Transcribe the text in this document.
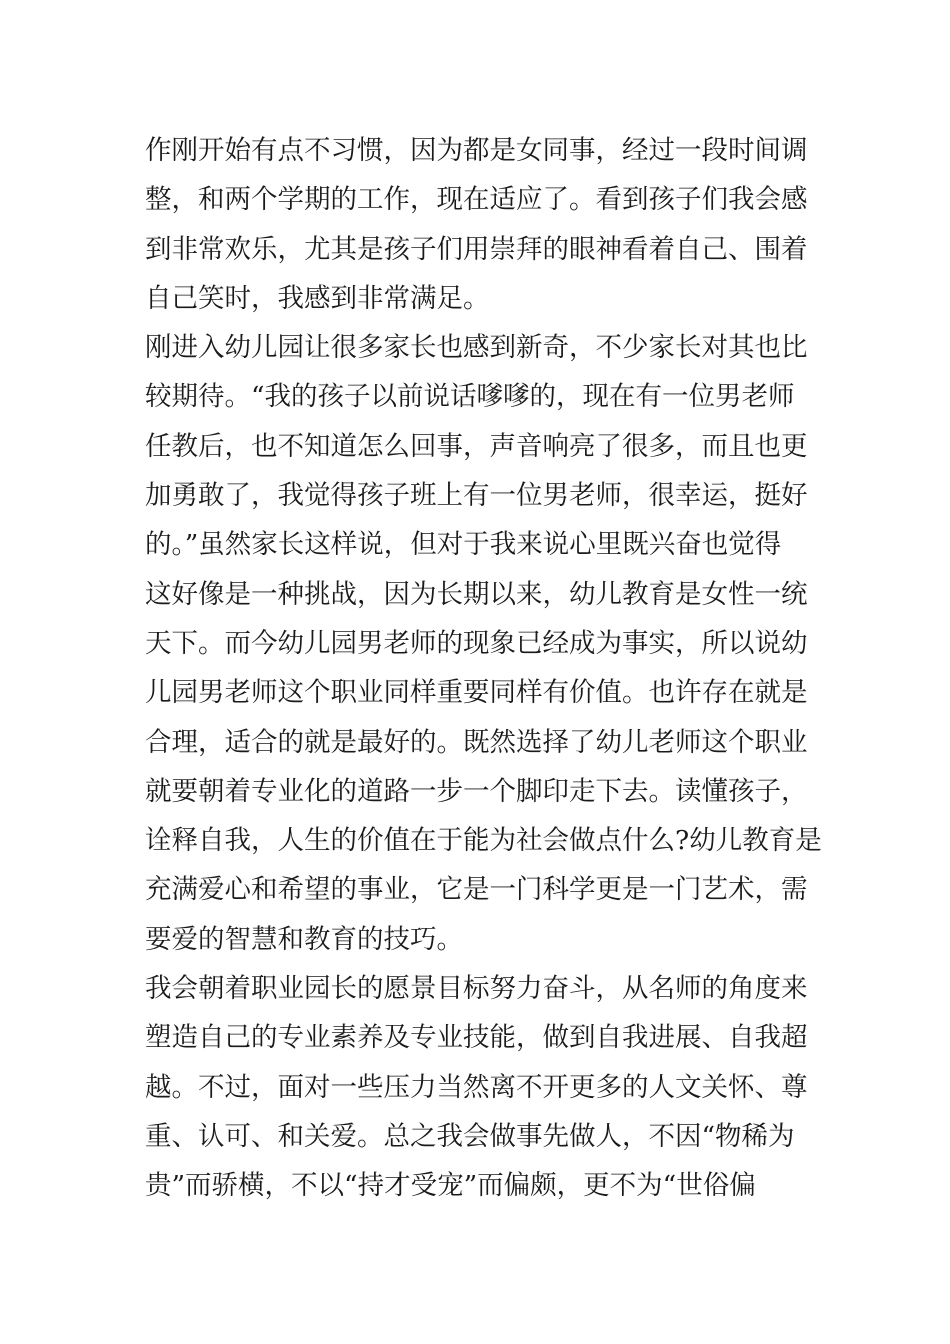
作刚开始有点不习惯，因为都是女同事，经过一段时间调
整，和两个学期的工作，现在适应了。看到孩子们我会感
到非常欢乐，尤其是孩子们用崇拜的眼神看着自己、围着
自己笑时，我感到非常满足。
刚进入幼儿园让很多家长也感到新奇，不少家长对其也比
较期待。“我的孩子以前说话嗲嗲的，现在有一位男老师
任教后，也不知道怎么回事，声音响亮了很多，而且也更
加勇敢了，我觉得孩子班上有一位男老师，很幸运，挺好
的。”虽然家长这样说，但对于我来说心里既兴奋也觉得
这好像是一种挑战，因为长期以来，幼儿教育是女性一统
天下。而今幼儿园男老师的现象已经成为事实，所以说幼
儿园男老师这个职业同样重要同样有价值。也许存在就是
合理，适合的就是最好的。既然选择了幼儿老师这个职业
就要朝着专业化的道路一步一个脚印走下去。读懂孩子，
诠释自我，人生的价值在于能为社会做点什么?幼儿教育是
充满爱心和希望的事业，它是一门科学更是一门艺术，需
要爱的智慧和教育的技巧。
我会朝着职业园长的愿景目标努力奋斗，从名师的角度来
塑造自己的专业素养及专业技能，做到自我进展、自我超
越。不过，面对一些压力当然离不开更多的人文关怀、尊
重、认可、和关爱。总之我会做事先做人，不因“物稀为
贵”而骄横，不以“持才受宠”而偏颇，更不为“世俗偏
